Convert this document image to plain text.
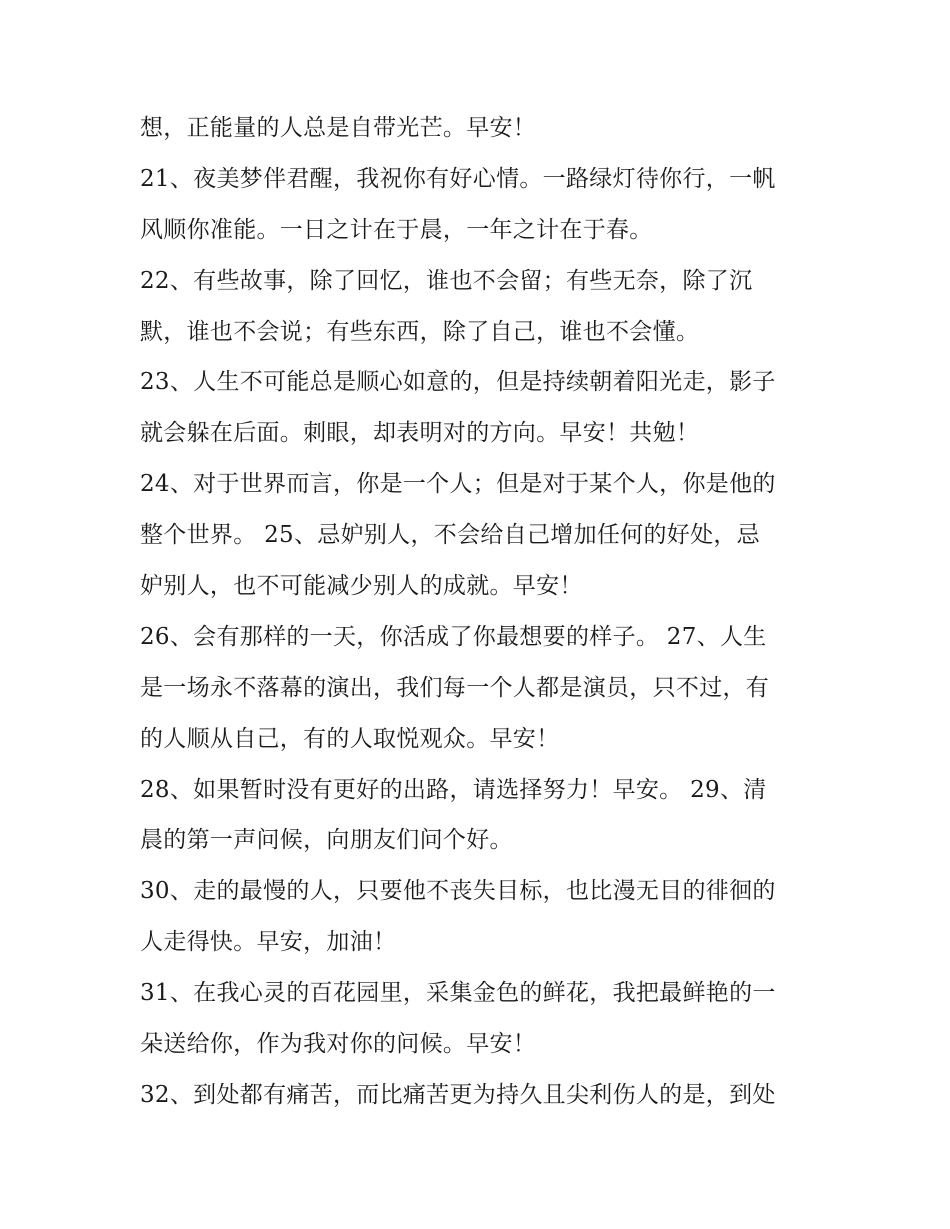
想，正能量的人总是自带光芒。早安！
21、夜美梦伴君醒，我祝你有好心情。一路绿灯待你行，一帆
风顺你准能。一日之计在于晨，一年之计在于春。
22、有些故事，除了回忆，谁也不会留；有些无奈，除了沉
默，谁也不会说；有些东西，除了自己，谁也不会懂。
23、人生不可能总是顺心如意的，但是持续朝着阳光走，影子
就会躲在后面。刺眼，却表明对的方向。早安！共勉！
24、对于世界而言，你是一个人；但是对于某个人，你是他的
整个世界。 25、忌妒别人，不会给自己增加任何的好处，忌
妒别人，也不可能减少别人的成就。早安！
26、会有那样的一天，你活成了你最想要的样子。 27、人生
是一场永不落幕的演出，我们每一个人都是演员，只不过，有
的人顺从自己，有的人取悦观众。早安！
28、如果暂时没有更好的出路，请选择努力！早安。 29、清
晨的第一声问候，向朋友们问个好。
30、走的最慢的人，只要他不丧失目标，也比漫无目的徘徊的
人走得快。早安，加油！
31、在我心灵的百花园里，采集金色的鲜花，我把最鲜艳的一
朵送给你，作为我对你的问候。早安！
32、到处都有痛苦，而比痛苦更为持久且尖利伤人的是，到处
